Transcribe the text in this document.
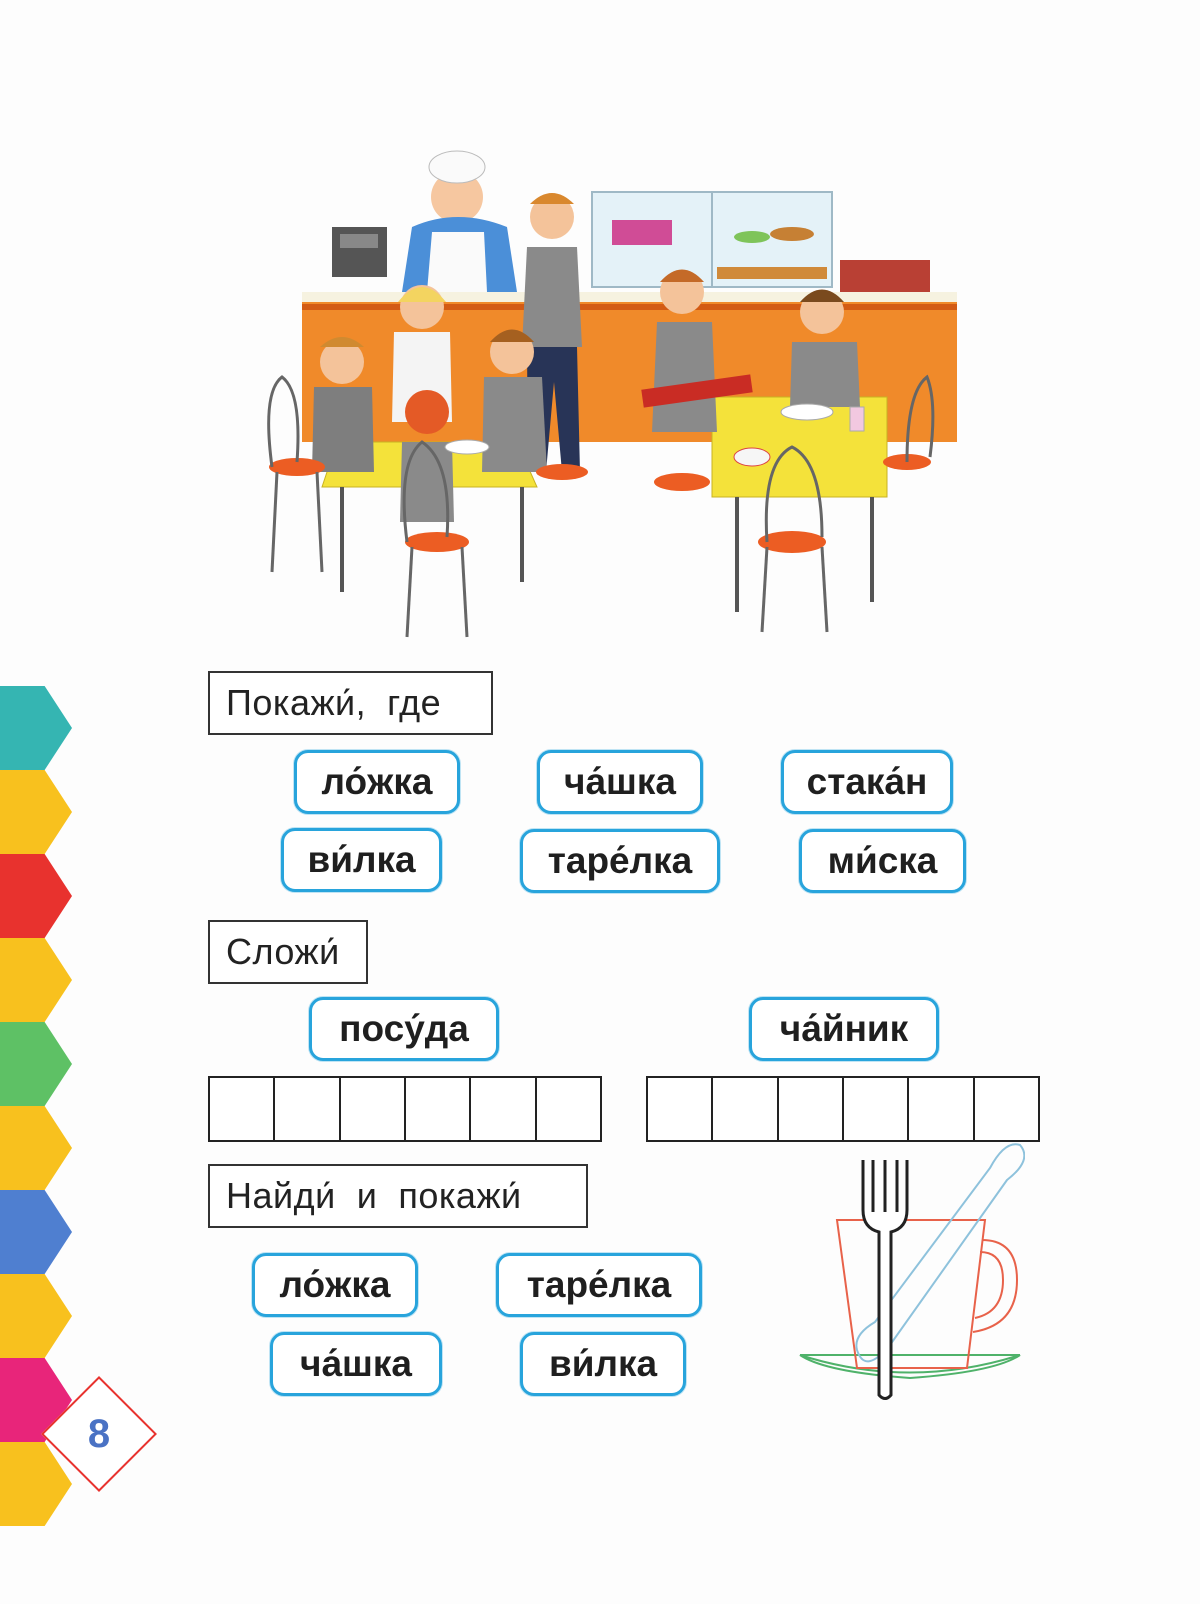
8
Покажи́,  где
ло́жка	ча́шка	стака́н
ви́лка	таре́лка	ми́ска
Сложи́
посу́да	ча́йник
Найди́  и  покажи́
ло́жка	таре́лка
ча́шка	ви́лка
